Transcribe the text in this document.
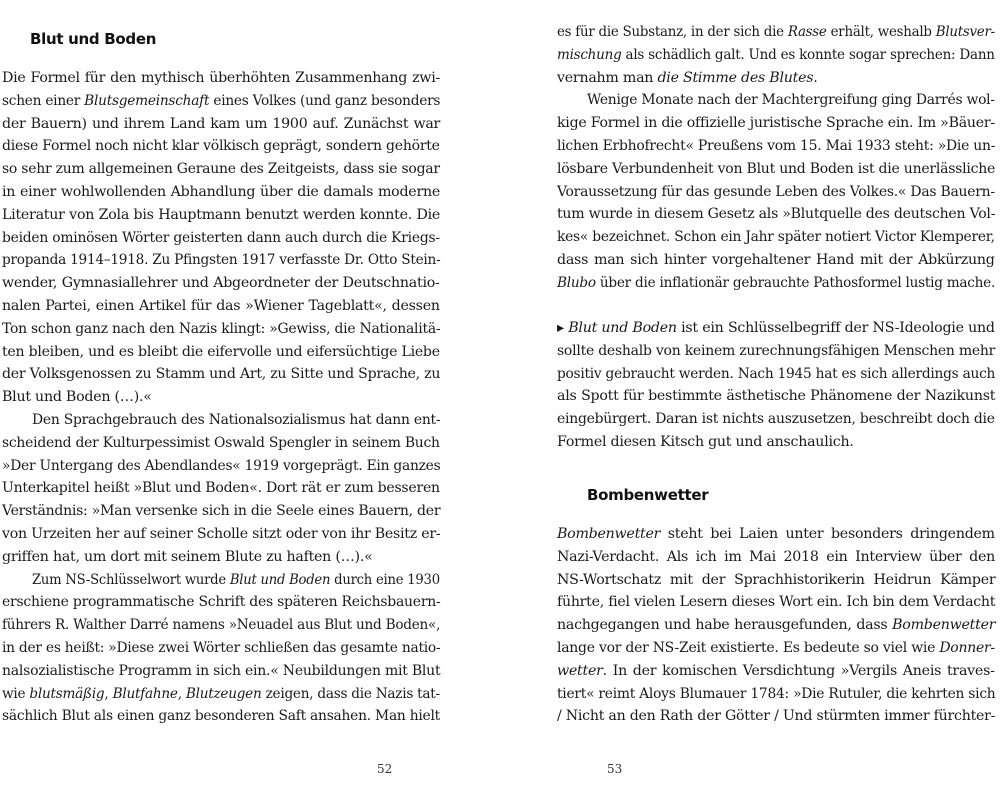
Blut und Boden
Die Formel für den mythisch überhöhten Zusammenhang zwi-
schen einer Blutsgemeinschaft eines Volkes (und ganz besonders
der Bauern) und ihrem Land kam um 1900 auf. Zunächst war
diese Formel noch nicht klar völkisch geprägt, sondern gehörte
so sehr zum allgemeinen Geraune des Zeitgeists, dass sie sogar
in einer wohlwollenden Abhandlung über die damals moderne
Literatur von Zola bis Hauptmann benutzt werden konnte. Die
beiden ominösen Wörter geisterten dann auch durch die Kriegs-
propanda 1914–1918. Zu Pfingsten 1917 verfasste Dr. Otto Stein-
wender, Gymnasiallehrer und Abgeordneter der Deutschnatio-
nalen Partei, einen Artikel für das »Wiener Tageblatt«, dessen
Ton schon ganz nach den Nazis klingt: »Gewiss, die Nationalitä-
ten bleiben, und es bleibt die eifervolle und eifersüchtige Liebe
der Volksgenossen zu Stamm und Art, zu Sitte und Sprache, zu
Blut und Boden (…).«
Den Sprachgebrauch des Nationalsozialismus hat dann ent-
scheidend der Kulturpessimist Oswald Spengler in seinem Buch
»Der Untergang des Abendlandes« 1919 vorgeprägt. Ein ganzes
Unterkapitel heißt »Blut und Boden«. Dort rät er zum besseren
Verständnis: »Man versenke sich in die Seele eines Bauern, der
von Urzeiten her auf seiner Scholle sitzt oder von ihr Besitz er-
griffen hat, um dort mit seinem Blute zu haften (…).«
Zum NS-Schlüsselwort wurde Blut und Boden durch eine 1930
erschiene programmatische Schrift des späteren Reichsbauern-
führers R. Walther Darré namens »Neuadel aus Blut und Boden«,
in der es heißt: »Diese zwei Wörter schließen das gesamte natio-
nalsozialistische Programm in sich ein.« Neubildungen mit Blut
wie blutsmäßig, Blutfahne, Blutzeugen zeigen, dass die Nazis tat-
sächlich Blut als einen ganz besonderen Saft ansahen. Man hielt
52
es für die Substanz, in der sich die Rasse erhält, weshalb Blutsver-
mischung als schädlich galt. Und es konnte sogar sprechen: Dann
vernahm man die Stimme des Blutes.
Wenige Monate nach der Machtergreifung ging Darrés wol-
kige Formel in die offizielle juristische Sprache ein. Im »Bäuer-
lichen Erbhofrecht« Preußens vom 15. Mai 1933 steht: »Die un-
lösbare Verbundenheit von Blut und Boden ist die unerlässliche
Voraussetzung für das gesunde Leben des Volkes.« Das Bauern-
tum wurde in diesem Gesetz als »Blutquelle des deutschen Vol-
kes« bezeichnet. Schon ein Jahr später notiert Victor Klemperer,
dass man sich hinter vorgehaltener Hand mit der Abkürzung
Blubo über die inflationär gebrauchte Pathosformel lustig mache.
▸ Blut und Boden ist ein Schlüsselbegriff der NS-Ideologie und
sollte deshalb von keinem zurechnungsfähigen Menschen mehr
positiv gebraucht werden. Nach 1945 hat es sich allerdings auch
als Spott für bestimmte ästhetische Phänomene der Nazikunst
eingebürgert. Daran ist nichts auszusetzen, beschreibt doch die
Formel diesen Kitsch gut und anschaulich.
Bombenwetter
Bombenwetter steht bei Laien unter besonders dringendem
Nazi-Verdacht. Als ich im Mai 2018 ein Interview über den
NS-Wortschatz mit der Sprachhistorikerin Heidrun Kämper
führte, fiel vielen Lesern dieses Wort ein. Ich bin dem Verdacht
nachgegangen und habe herausgefunden, dass Bombenwetter
lange vor der NS-Zeit existierte. Es bedeute so viel wie Donner-
wetter. In der komischen Versdichtung »Vergils Aneis traves-
tiert« reimt Aloys Blumauer 1784: »Die Rutuler, die kehrten sich
/ Nicht an den Rath der Götter / Und stürmten immer fürchter-
53
